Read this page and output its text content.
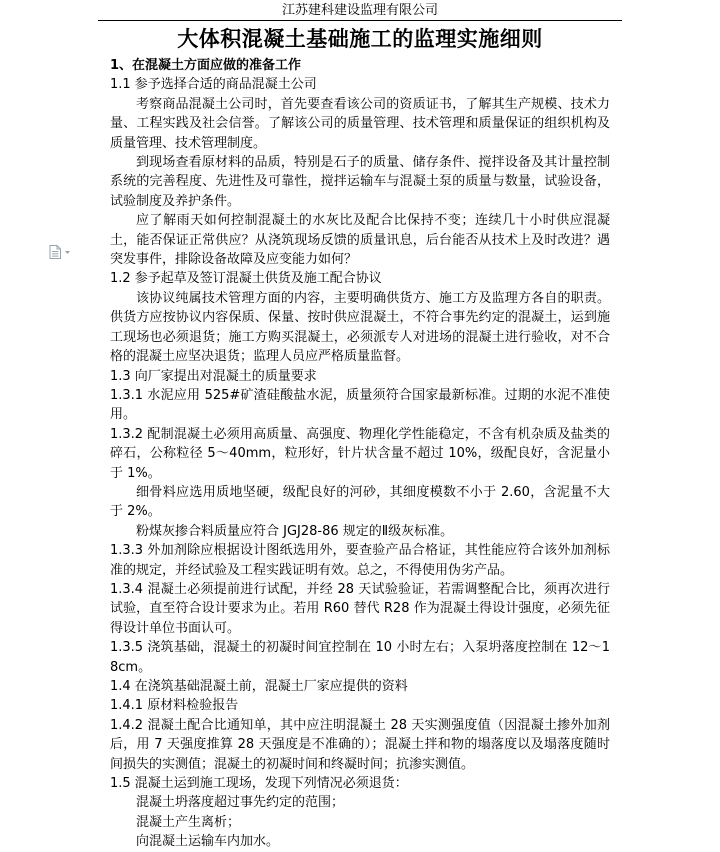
江苏建科建设监理有限公司
大体积混凝土基础施工的监理实施细则

1、在混凝土方面应做的准备工作

1.1 参予选择合适的商品混凝土公司

考察商品混凝土公司时，首先要查看该公司的资质证书，了解其生产规模、技术力量、工程实践及社会信誉。了解该公司的质量管理、技术管理和质量保证的组织机构及质量管理、技术管理制度。

到现场查看原材料的品质，特别是石子的质量、储存条件、搅拌设备及其计量控制系统的完善程度、先进性及可靠性，搅拌运输车与混凝土泵的质量与数量，试验设备，试验制度及养护条件。

应了解雨天如何控制混凝土的水灰比及配合比保持不变；连续几十小时供应混凝土，能否保证正常供应？从浇筑现场反馈的质量讯息，后台能否从技术上及时改进？遇突发事件，排除设备故障及应变能力如何？

1.2 参予起草及签订混凝土供货及施工配合协议

该协议纯属技术管理方面的内容，主要明确供货方、施工方及监理方各自的职责。供货方应按协议内容保质、保量、按时供应混凝土，不符合事先约定的混凝土，运到施工现场也必须退货；施工方购买混凝土，必须派专人对进场的混凝土进行验收，对不合格的混凝土应坚决退货；监理人员应严格质量监督。

1.3 向厂家提出对混凝土的质量要求

1.3.1 水泥应用 525#矿渣硅酸盐水泥，质量须符合国家最新标准。过期的水泥不准使用。

1.3.2 配制混凝土必须用高质量、高强度、物理化学性能稳定，不含有机杂质及盐类的碎石，公称粒径 5～40mm，粒形好，针片状含量不超过 10%，级配良好，含泥量小于 1%。

细骨料应选用质地坚硬，级配良好的河砂，其细度模数不小于 2.60，含泥量不大于 2%。

粉煤灰掺合料质量应符合 JGJ28-86 规定的Ⅱ级灰标准。

1.3.3 外加剂除应根据设计图纸选用外，要查验产品合格证，其性能应符合该外加剂标准的规定，并经试验及工程实践证明有效。总之，不得使用伪劣产品。

1.3.4 混凝土必须提前进行试配，并经 28 天试验验证，若需调整配合比，须再次进行试验，直至符合设计要求为止。若用 R60 替代 R28 作为混凝土得设计强度，必须先征得设计单位书面认可。

1.3.5 浇筑基础，混凝土的初凝时间宜控制在 10 小时左右；入泵坍落度控制在 12～18cm。

1.4 在浇筑基础混凝土前，混凝土厂家应提供的资料

1.4.1 原材料检验报告

1.4.2 混凝土配合比通知单，其中应注明混凝土 28 天实测强度值（因混凝土掺外加剂后，用 7 天强度推算 28 天强度是不准确的）；混凝土拌和物的塌落度以及塌落度随时间损失的实测值；混凝土的初凝时间和终凝时间；抗渗实测值。

1.5 混凝土运到施工现场，发现下列情况必须退货：

混凝土坍落度超过事先约定的范围；

混凝土产生离析；

向混凝土运输车内加水。
